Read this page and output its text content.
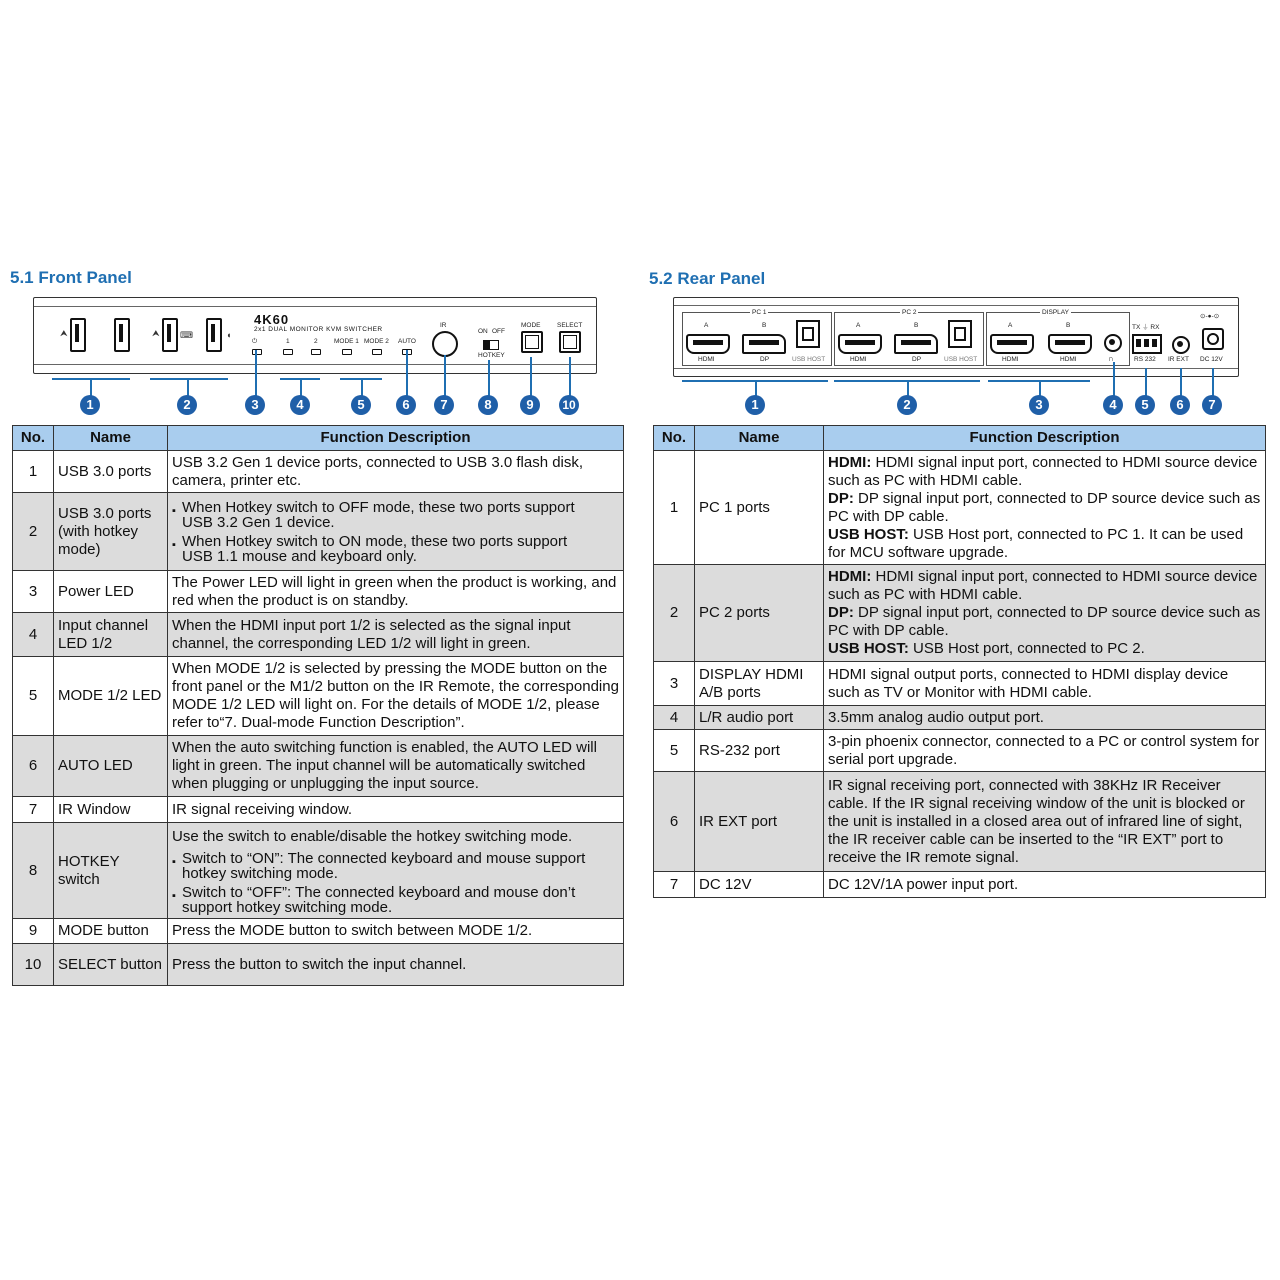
5.1 Front Panel
⮝	⮝ ⌨	◖
4K60
2x1 DUAL MONITOR KVM SWITCHER
⏻	1	2	MODE 1 MODE 2 AUTO
IR
ON OFF
HOTKEY
MODE	SELECT
1	2	3	4	5	6	7	8	9	10
No.	Name	Function Description
1	USB 3.0 ports	USB 3.2 Gen 1 device ports, connected to USB 3.0 flash disk, camera, printer etc.
2	USB 3.0 ports (with hotkey mode)	▪ When Hotkey switch to OFF mode, these two ports support
USB 3.2 Gen 1 device.
▪ When Hotkey switch to ON mode, these two ports support
USB 1.1 mouse and keyboard only.

3	Power LED	The Power LED will light in green when the product is working, and red when the product is on standby.
4	Input channel LED 1/2	When the HDMI input port 1/2 is selected as the signal input channel, the corresponding LED 1/2 will light in green.
5	MODE 1/2 LED	When MODE 1/2 is selected by pressing the MODE button on the front panel or the M1/2 button on the IR Remote, the corresponding MODE 1/2 LED will light on. For the details of MODE 1/2, please refer to“7. Dual-mode Function Description”.
6	AUTO LED	When the auto switching function is enabled, the AUTO LED will light in green. The input channel will be automatically switched when plugging or unplugging the input source.
7	IR Window	IR signal receiving window.
8	HOTKEY switch	Use the switch to enable/disable the hotkey switching mode.
▪ Switch to “ON”: The connected keyboard and mouse support
hotkey switching mode.
▪ Switch to “OFF”: The connected keyboard and mouse don’t
support hotkey switching mode.

9	MODE button	Press the MODE button to switch between MODE 1/2.
10	SELECT button	Press the button to switch the input channel.
5.2 Rear Panel
PC 1
A
HDMI
B
DP	USB HOST
PC 2
A
HDMI
B
DP	USB HOST
DISPLAY
A
HDMI
B
HDMI	∩
TX ⏚ RX
RS 232 IR EXT
⊙-●-⊙
DC 12V
1	2	3	4	5	6	7
No.	Name	Function Description
1	PC 1 ports	HDMI: HDMI signal input port, connected to HDMI source device such as PC with HDMI cable.
DP: DP signal input port, connected to DP source device such as PC with DP cable.
USB HOST: USB Host port, connected to PC 1. It can be used for MCU software upgrade.

2	PC 2 ports	HDMI: HDMI signal input port, connected to HDMI source device such as PC with HDMI cable.
DP: DP signal input port, connected to DP source device such as PC with DP cable.
USB HOST: USB Host port, connected to PC 2.

3	DISPLAY HDMI A/B ports	HDMI signal output ports, connected to HDMI display device such as TV or Monitor with HDMI cable.
4	L/R audio port	3.5mm analog audio output port.
5	RS-232 port	3-pin phoenix connector, connected to a PC or control system for serial port upgrade.
6	IR EXT port	IR signal receiving port, connected with 38KHz IR Receiver cable. If the IR signal receiving window of the unit is blocked or the unit is installed in a closed area out of infrared line of sight, the IR receiver cable can be inserted to the “IR EXT” port to receive the IR remote signal.
7	DC 12V	DC 12V/1A power input port.
